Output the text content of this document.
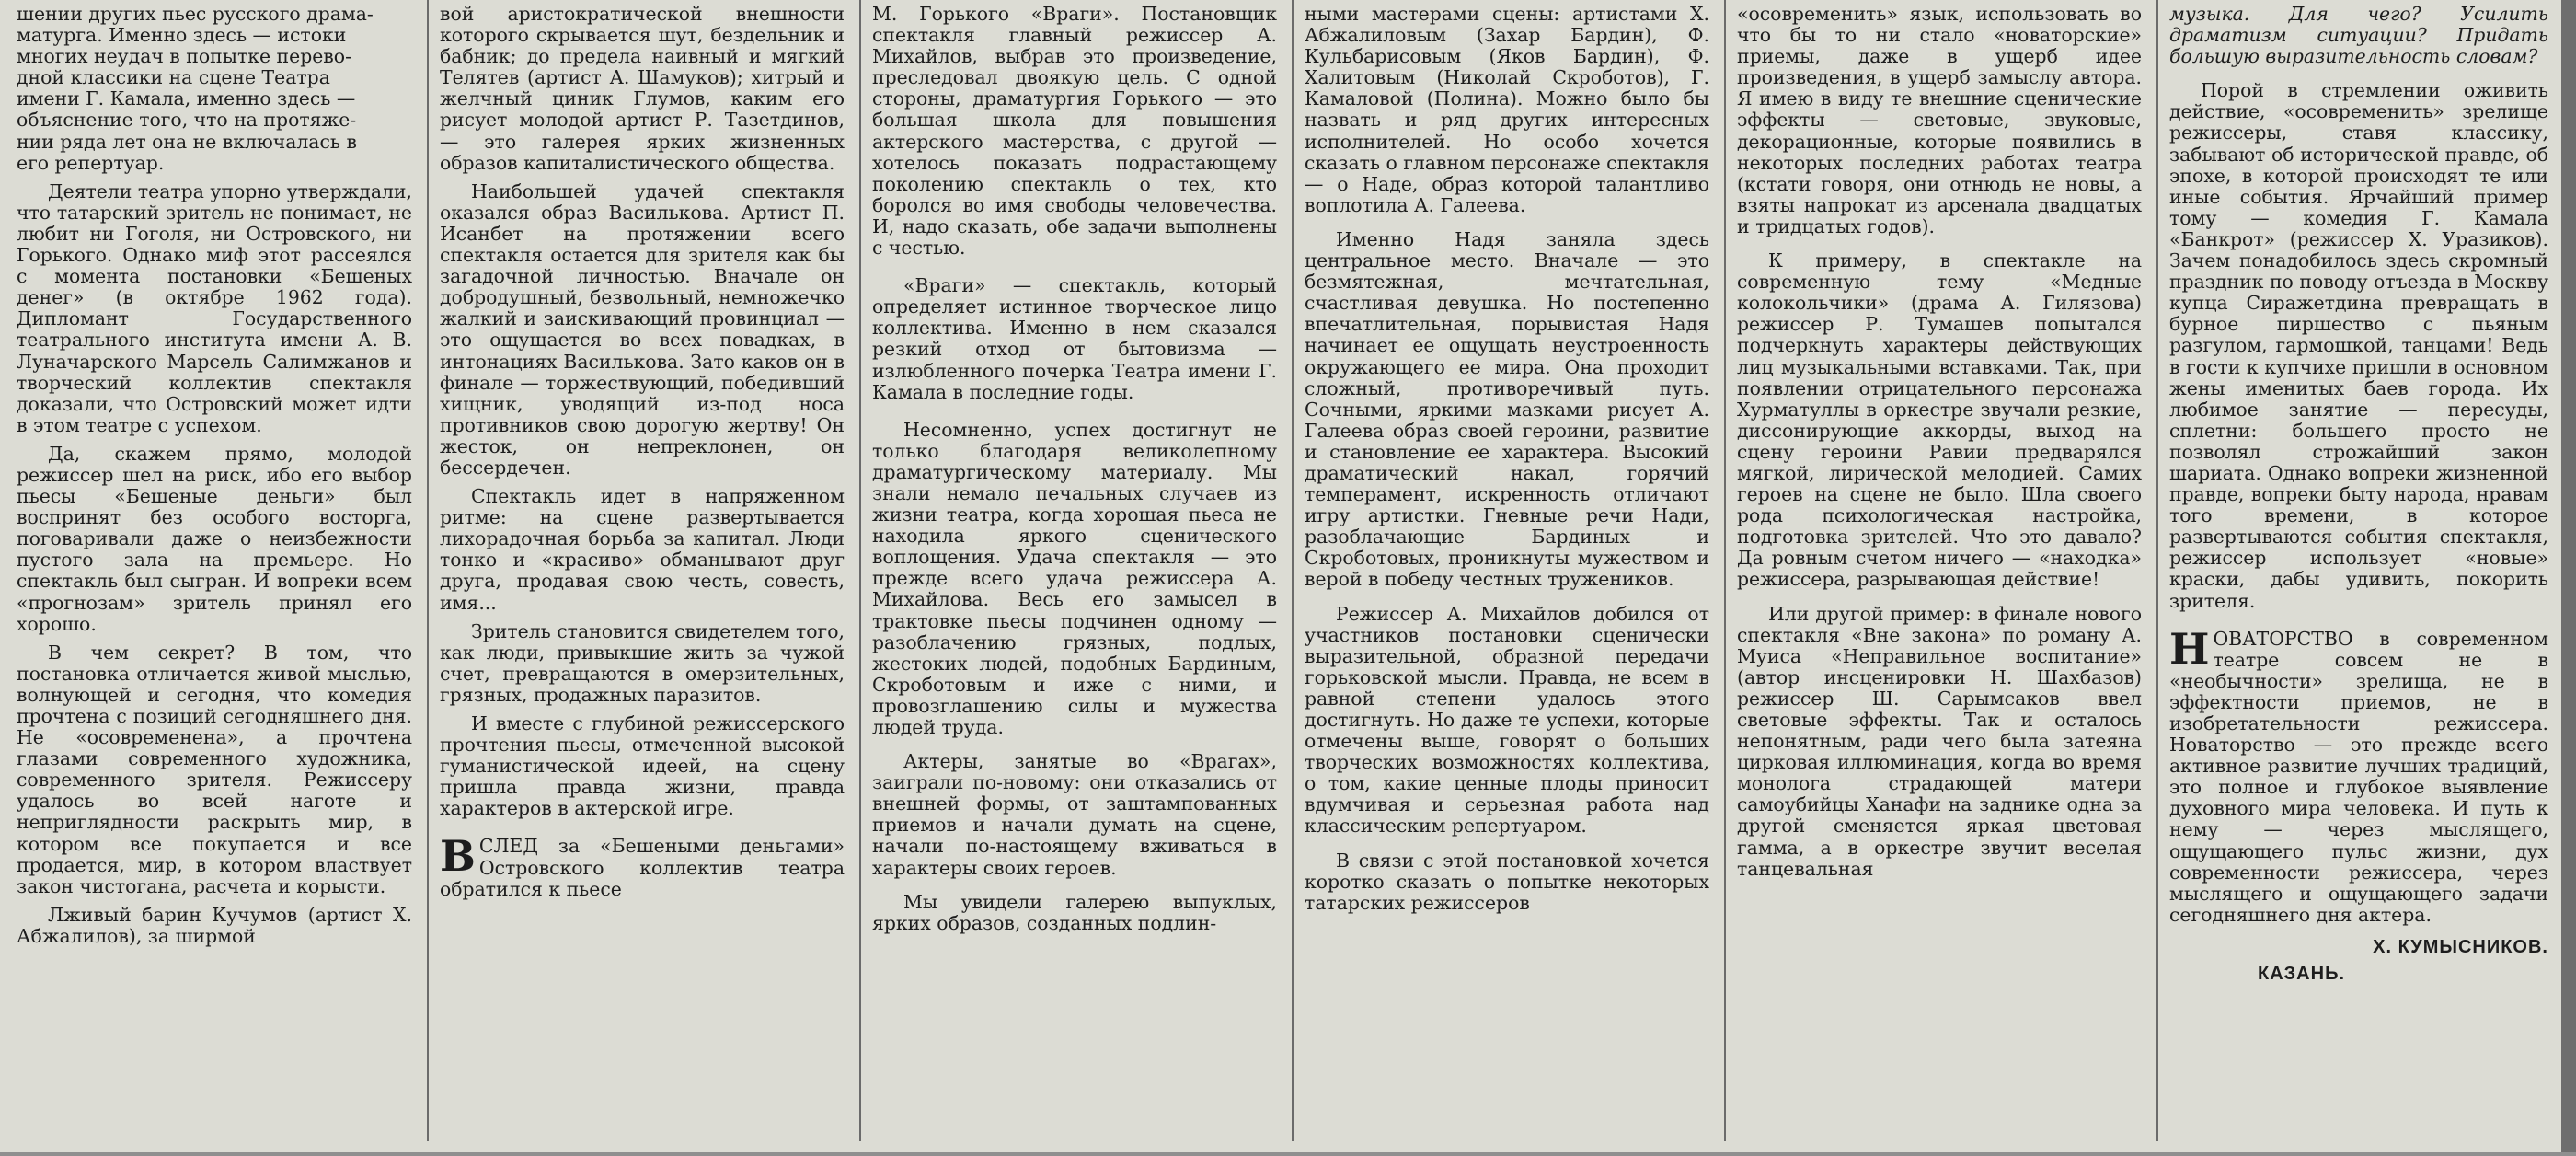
шении других пьес русского драма-
матурга. Именно здесь — истоки
многих неудач в попытке перево-
дной классики на сцене Театра
имени Г. Камала, именно здесь —
объяснение того, что на протяже-
нии ряда лет она не включалась в
его репертуар.

Деятели театра упорно утверждали, что татарский зритель не понимает, не любит ни Гоголя, ни Островского, ни Горького. Однако миф этот рассеялся с момента постановки «Бешеных денег» (в октябре 1962 года). Дипломант Государственного театрального института имени А. В. Луначарского Марсель Салимжанов и творческий коллектив спектакля доказали, что Островский может идти в этом театре с успехом.

Да, скажем прямо, молодой режиссер шел на риск, ибо его выбор пьесы «Бешеные деньги» был воспринят без особого восторга, поговаривали даже о неизбежности пустого зала на премьере. Но спектакль был сыгран. И вопреки всем «прогнозам» зритель принял его хорошо.

В чем секрет? В том, что постановка отличается живой мыслью, волнующей и сегодня, что комедия прочтена с позиций сегодняшнего дня. Не «осовременена», а прочтена глазами современного художника, современного зрителя. Режиссеру удалось во всей наготе и неприглядности раскрыть мир, в котором все покупается и все продается, мир, в котором властвует закон чистогана, расчета и корысти.

Лживый барин Кучумов (артист Х. Абжалилов), за ширмой

вой аристократической внешности которого скрывается шут, бездельник и бабник; до предела наивный и мягкий Телятев (артист А. Шамуков); хитрый и желчный циник Глумов, каким его рисует молодой артист Р. Тазетдинов, — это галерея ярких жизненных образов капиталистического общества.

Наибольшей удачей спектакля оказался образ Василькова. Артист П. Исанбет на протяжении всего спектакля остается для зрителя как бы загадочной личностью. Вначале он добродушный, безвольный, немножечко жалкий и заискивающий провинциал — это ощущается во всех повадках, в интонациях Василькова. Зато каков он в финале — торжествующий, победивший хищник, уводящий из-под носа противников свою дорогую жертву! Он жесток, он непреклонен, он бессердечен.

Спектакль идет в напряженном ритме: на сцене развертывается лихорадочная борьба за капитал. Люди тонко и «красиво» обманывают друг друга, продавая свою честь, совесть, имя...

Зритель становится свидетелем того, как люди, привыкшие жить за чужой счет, превращаются в омерзительных, грязных, продажных паразитов.

И вместе с глубиной режиссерского прочтения пьесы, отмеченной высокой гуманистической идеей, на сцену пришла правда жизни, правда характеров в актерской игре.

В СЛЕД за «Бешеными деньгами» Островского коллектив театра обратился к пьесе

М. Горького «Враги». Постановщик спектакля главный режиссер А. Михайлов, выбрав это произведение, преследовал двоякую цель. С одной стороны, драматургия Горького — это большая школа для повышения актерского мастерства, с другой — хотелось показать подрастающему поколению спектакль о тех, кто боролся во имя свободы человечества. И, надо сказать, обе задачи выполнены с честью.

«Враги» — спектакль, который определяет истинное творческое лицо коллектива. Именно в нем сказался резкий отход от бытовизма — излюбленного почерка Театра имени Г. Камала в последние годы.

Несомненно, успех достигнут не только благодаря великолепному драматургическому материалу. Мы знали немало печальных случаев из жизни театра, когда хорошая пьеса не находила яркого сценического воплощения. Удача спектакля — это прежде всего удача режиссера А. Михайлова. Весь его замысел в трактовке пьесы подчинен одному — разоблачению грязных, подлых, жестоких людей, подобных Бардиным, Скроботовым и иже с ними, и провозглашению силы и мужества людей труда.

Актеры, занятые во «Врагах», заиграли по-новому: они отказались от внешней формы, от заштампованных приемов и начали думать на сцене, начали по-настоящему вживаться в характеры своих героев.

Мы увидели галерею выпуклых, ярких образов, созданных подлин-

ными мастерами сцены: артистами Х. Абжалиловым (Захар Бардин), Ф. Кульбарисовым (Яков Бардин), Ф. Халитовым (Николай Скроботов), Г. Камаловой (Полина). Можно было бы назвать и ряд других интересных исполнителей. Но особо хочется сказать о главном персонаже спектакля — о Наде, образ которой талантливо воплотила А. Галеева.

Именно Надя заняла здесь центральное место. Вначале — это безмятежная, мечтательная, счастливая девушка. Но постепенно впечатлительная, порывистая Надя начинает ее ощущать неустроенность окружающего ее мира. Она проходит сложный, противоречивый путь. Сочными, яркими мазками рисует А. Галеева образ своей героини, развитие и становление ее характера. Высокий драматический накал, горячий темперамент, искренность отличают игру артистки. Гневные речи Нади, разоблачающие Бардиных и Скроботовых, проникнуты мужеством и верой в победу честных тружеников.

Режиссер А. Михайлов добился от участников постановки сценически выразительной, образной передачи горьковской мысли. Правда, не всем в равной степени удалось этого достигнуть. Но даже те успехи, которые отмечены выше, говорят о больших творческих возможностях коллектива, о том, какие ценные плоды приносит вдумчивая и серьезная работа над классическим репертуаром.

В связи с этой постановкой хочется коротко сказать о попытке некоторых татарских режиссеров

«осовременить» язык, использовать во что бы то ни стало «новаторские» приемы, даже в ущерб идее произведения, в ущерб замыслу автора. Я имею в виду те внешние сценические эффекты — световые, звуковые, декорационные, которые появились в некоторых последних работах театра (кстати говоря, они отнюдь не новы, а взяты напрокат из арсенала двадцатых и тридцатых годов).

К примеру, в спектакле на современную тему «Медные колокольчики» (драма А. Гилязова) режиссер Р. Тумашев попытался подчеркнуть характеры действующих лиц музыкальными вставками. Так, при появлении отрицательного персонажа Хурматуллы в оркестре звучали резкие, диссонирующие аккорды, выход на сцену героини Равии предварялся мягкой, лирической мелодией. Самих героев на сцене не было. Шла своего рода психологическая настройка, подготовка зрителей. Что это давало? Да ровным счетом ничего — «находка» режиссера, разрывающая действие!

Или другой пример: в финале нового спектакля «Вне закона» по роману А. Муиса «Неправильное воспитание» (автор инсценировки Н. Шахбазов) режиссер Ш. Сарымсаков ввел световые эффекты. Так и осталось непонятным, ради чего была затеяна цирковая иллюминация, когда во время монолога страдающей матери самоубийцы Ханафи на заднике одна за другой сменяется яркая цветовая гамма, а в оркестре звучит веселая танцевальная

музыка. Для чего? Усилить драматизм ситуации? Придать большую выразительность словам?

Порой в стремлении оживить действие, «осовременить» зрелище режиссеры, ставя классику, забывают об исторической правде, об эпохе, в которой происходят те или иные события. Ярчайший пример тому — комедия Г. Камала «Банкрот» (режиссер Х. Уразиков). Зачем понадобилось здесь скромный праздник по поводу отъезда в Москву купца Сиражетдина превращать в бурное пиршество с пьяным разгулом, гармошкой, танцами! Ведь в гости к купчихе пришли в основном жены именитых баев города. Их любимое занятие — пересуды, сплетни: большего просто не позволял строжайший закон шариата. Однако вопреки жизненной правде, вопреки быту народа, нравам того времени, в которое развертываются события спектакля, режиссер использует «новые» краски, дабы удивить, покорить зрителя.

Н ОВАТОРСТВО в современном театре совсем не в «необычности» зрелища, не в эффектности приемов, не в изобретательности режиссера. Новаторство — это прежде всего активное развитие лучших традиций, это полное и глубокое выявление духовного мира человека. И путь к нему — через мыслящего, ощущающего пульс жизни, дух современности режиссера, через мыслящего и ощущающего задачи сегодняшнего дня актера.

Х. КУМЫСНИКОВ.
КАЗАНЬ.
